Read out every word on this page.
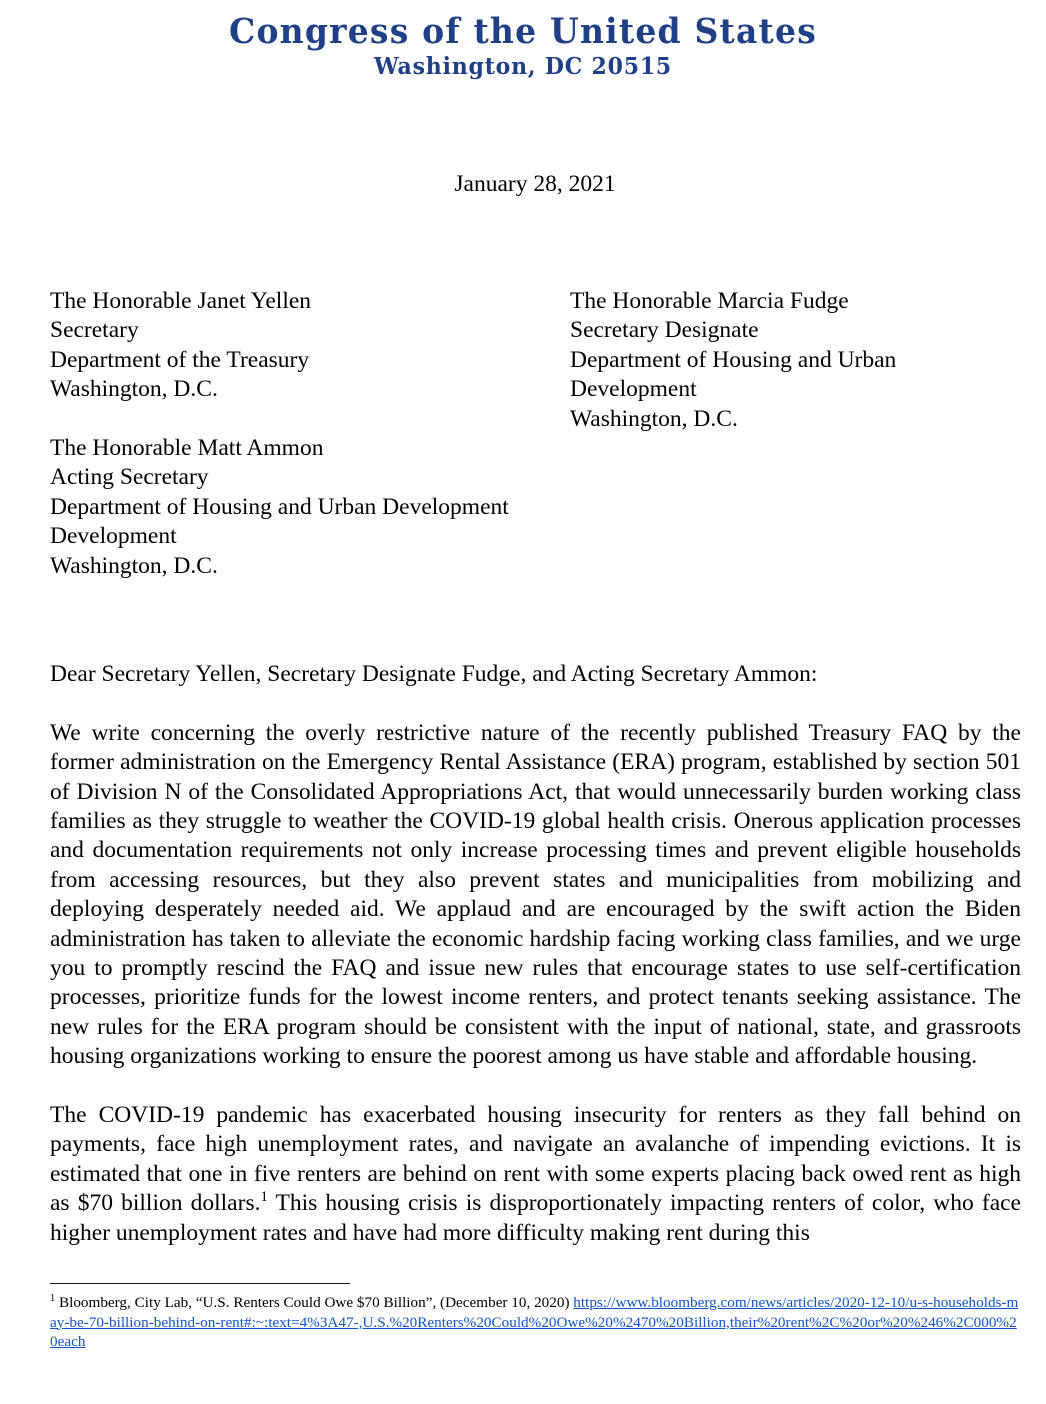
Congress of the United States
Washington, DC 20515
January 28, 2021
The Honorable Janet Yellen
Secretary
Department of the Treasury
Washington, D.C.
The Honorable Matt Ammon
Acting Secretary
Department of Housing and Urban Development
Development
Washington, D.C.
The Honorable Marcia Fudge
Secretary Designate
Department of Housing and Urban
Development
Washington, D.C.
Dear Secretary Yellen, Secretary Designate Fudge, and Acting Secretary Ammon:
We write concerning the overly restrictive nature of the recently published Treasury FAQ by the former administration on the Emergency Rental Assistance (ERA) program, established by section 501 of Division N of the Consolidated Appropriations Act, that would unnecessarily burden working class families as they struggle to weather the COVID-19 global health crisis. Onerous application processes and documentation requirements not only increase processing times and prevent eligible households from accessing resources, but they also prevent states and municipalities from mobilizing and deploying desperately needed aid. We applaud and are encouraged by the swift action the Biden administration has taken to alleviate the economic hardship facing working class families, and we urge you to promptly rescind the FAQ and issue new rules that encourage states to use self-certification processes, prioritize funds for the lowest income renters, and protect tenants seeking assistance. The new rules for the ERA program should be consistent with the input of national, state, and grassroots housing organizations working to ensure the poorest among us have stable and affordable housing.
The COVID-19 pandemic has exacerbated housing insecurity for renters as they fall behind on payments, face high unemployment rates, and navigate an avalanche of impending evictions. It is estimated that one in five renters are behind on rent with some experts placing back owed rent as high as $70 billion dollars.$^1$ This housing crisis is disproportionately impacting renters of color, who face higher unemployment rates and have had more difficulty making rent during this
$^1$ Bloomberg, City Lab, “U.S. Renters Could Owe $70 Billion”, (December 10, 2020) https://www.bloomberg.com/news/articles/2020-12-10/u-s-households-may-be-70-billion-behind-on-rent#:~:text=4%3A47-,U.S.%20Renters%20Could%20Owe%20%2470%20Billion,their%20rent%2C%20or%20%246%2C000%20each
